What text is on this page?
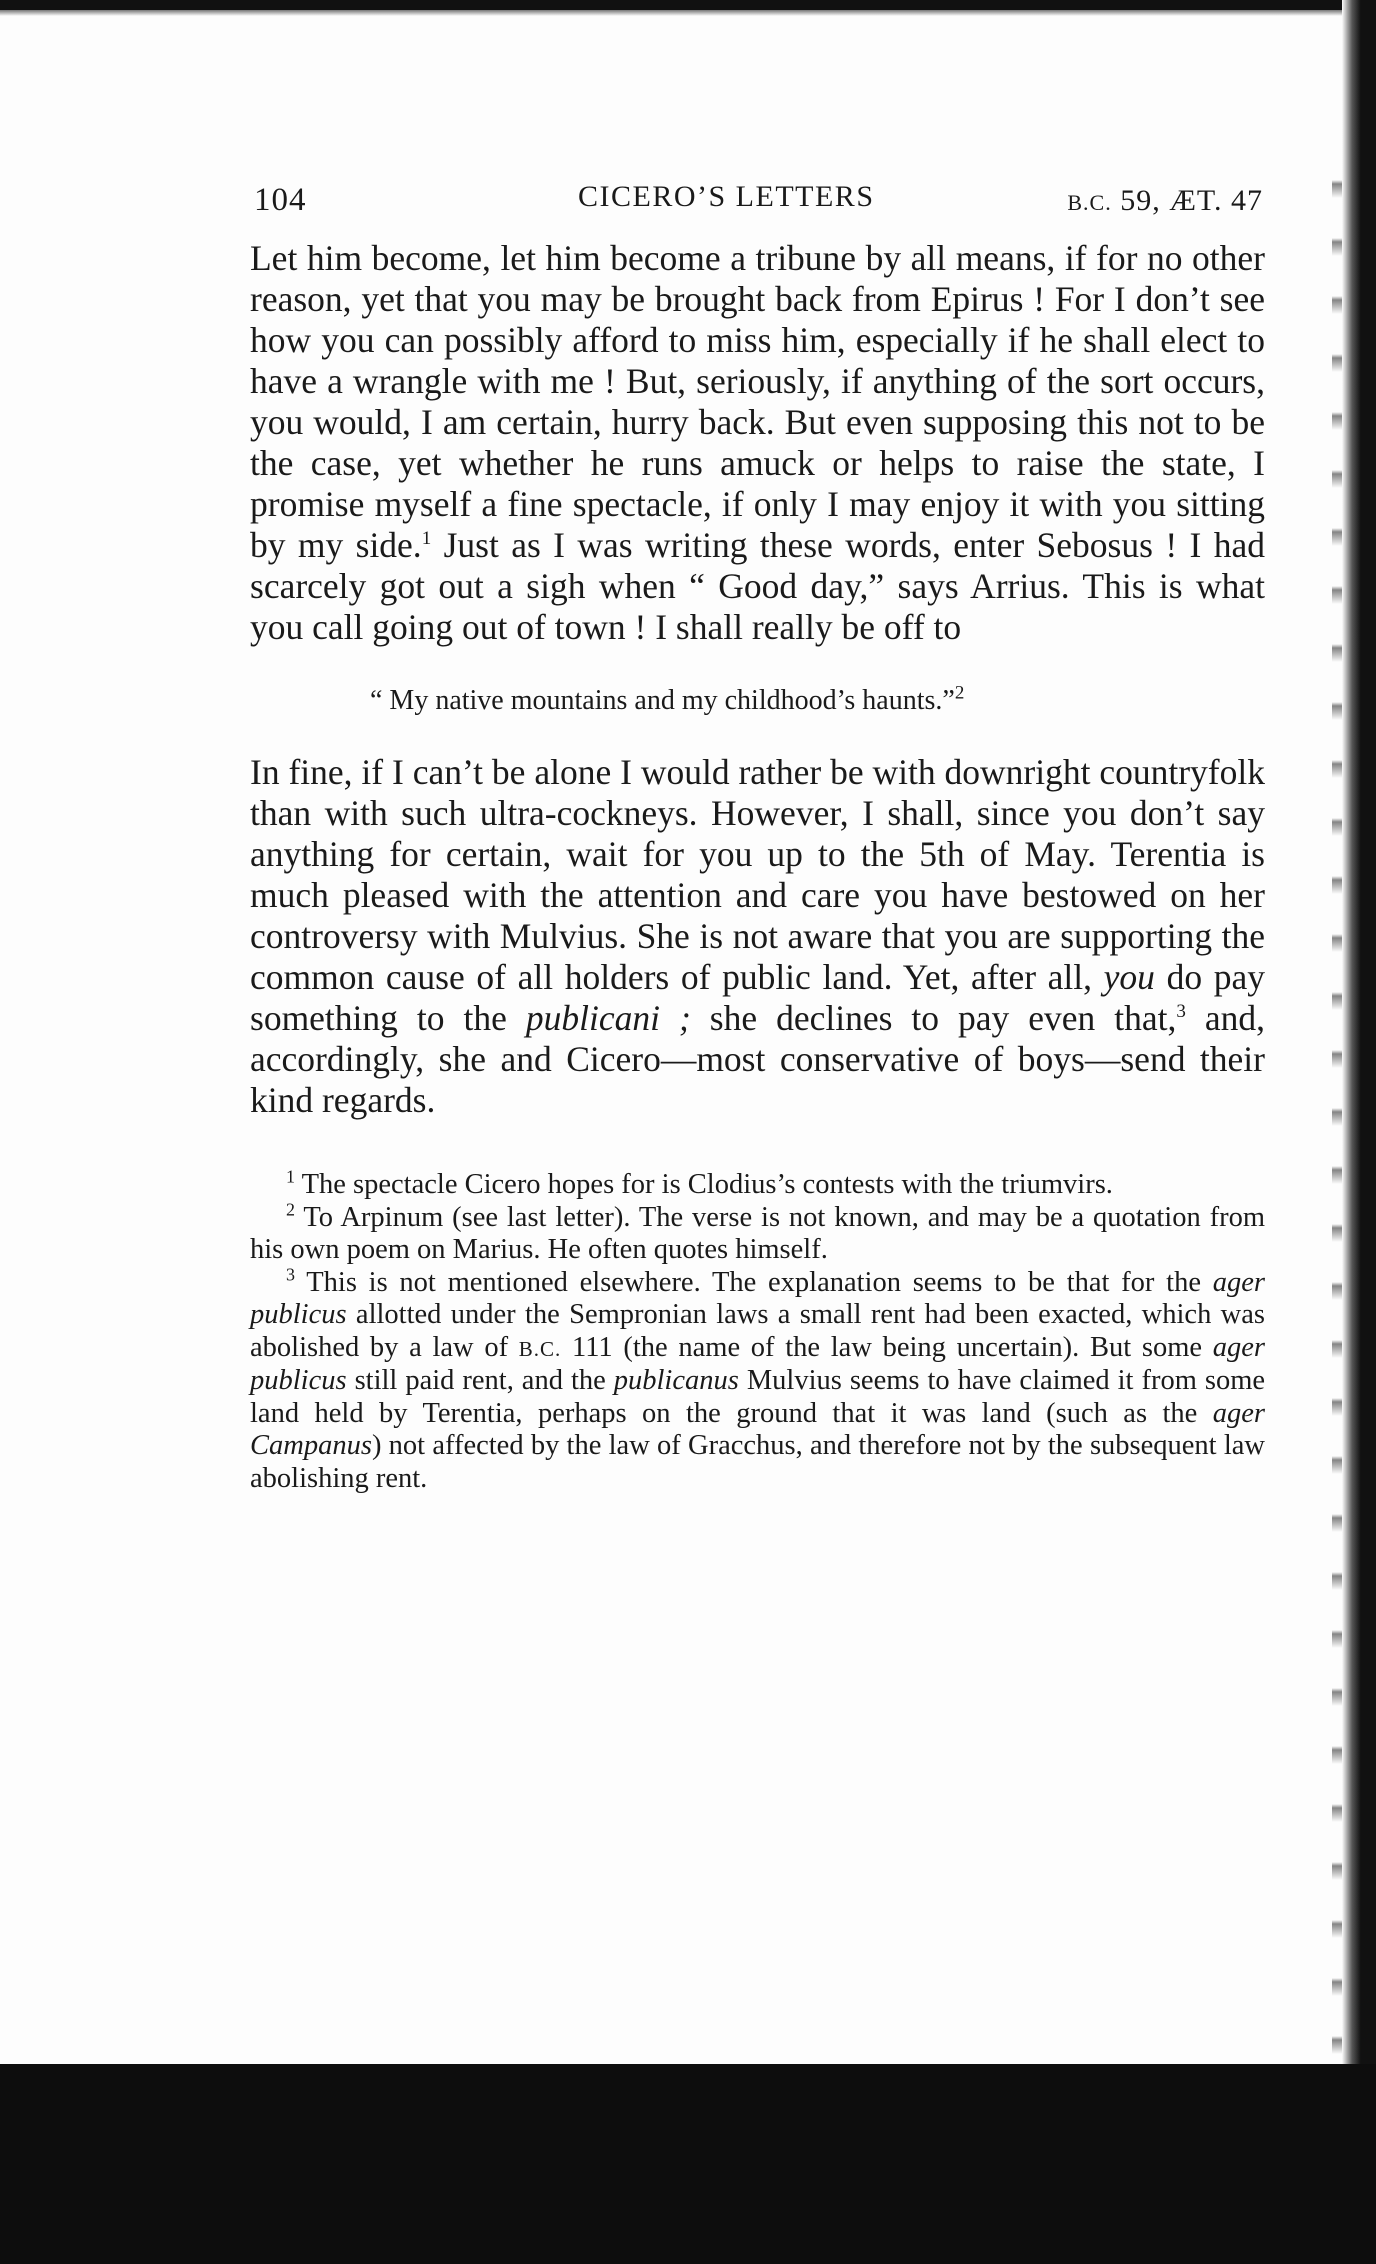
104	CICERO’S LETTERS	B.C. 59, ÆT. 47

Let him become, let him become a tribune by all means, if for no other reason, yet that you may be brought back from Epirus ! For I don’t see how you can possibly afford to miss him, especially if he shall elect to have a wrangle with me ! But, seriously, if anything of the sort occurs, you would, I am certain, hurry back. But even supposing this not to be the case, yet whether he runs amuck or helps to raise the state, I promise myself a fine spectacle, if only I may enjoy it with you sitting by my side.$^1$ Just as I was writing these words, enter Sebosus ! I had scarcely got out a sigh when “ Good day,” says Arrius. This is what you call going out of town ! I shall really be off to

“ My native mountains and my childhood’s haunts.”$^2$

In fine, if I can’t be alone I would rather be with downright countryfolk than with such ultra-cockneys. However, I shall, since you don’t say anything for certain, wait for you up to the 5th of May. Terentia is much pleased with the attention and care you have bestowed on her controversy with Mulvius. She is not aware that you are supporting the common cause of all holders of public land. Yet, after all, you do pay something to the publicani ; she declines to pay even that,$^3$ and, accordingly, she and Cicero—most conservative of boys—send their kind regards.

$^1$ The spectacle Cicero hopes for is Clodius’s contests with the triumvirs.

$^2$ To Arpinum (see last letter). The verse is not known, and may be a quotation from his own poem on Marius. He often quotes himself.

$^3$ This is not mentioned elsewhere. The explanation seems to be that for the ager publicus allotted under the Sempronian laws a small rent had been exacted, which was abolished by a law of B.C. 111 (the name of the law being uncertain). But some ager publicus still paid rent, and the publicanus Mulvius seems to have claimed it from some land held by Terentia, perhaps on the ground that it was land (such as the ager Campanus) not affected by the law of Gracchus, and therefore not by the subsequent law abolishing rent.
